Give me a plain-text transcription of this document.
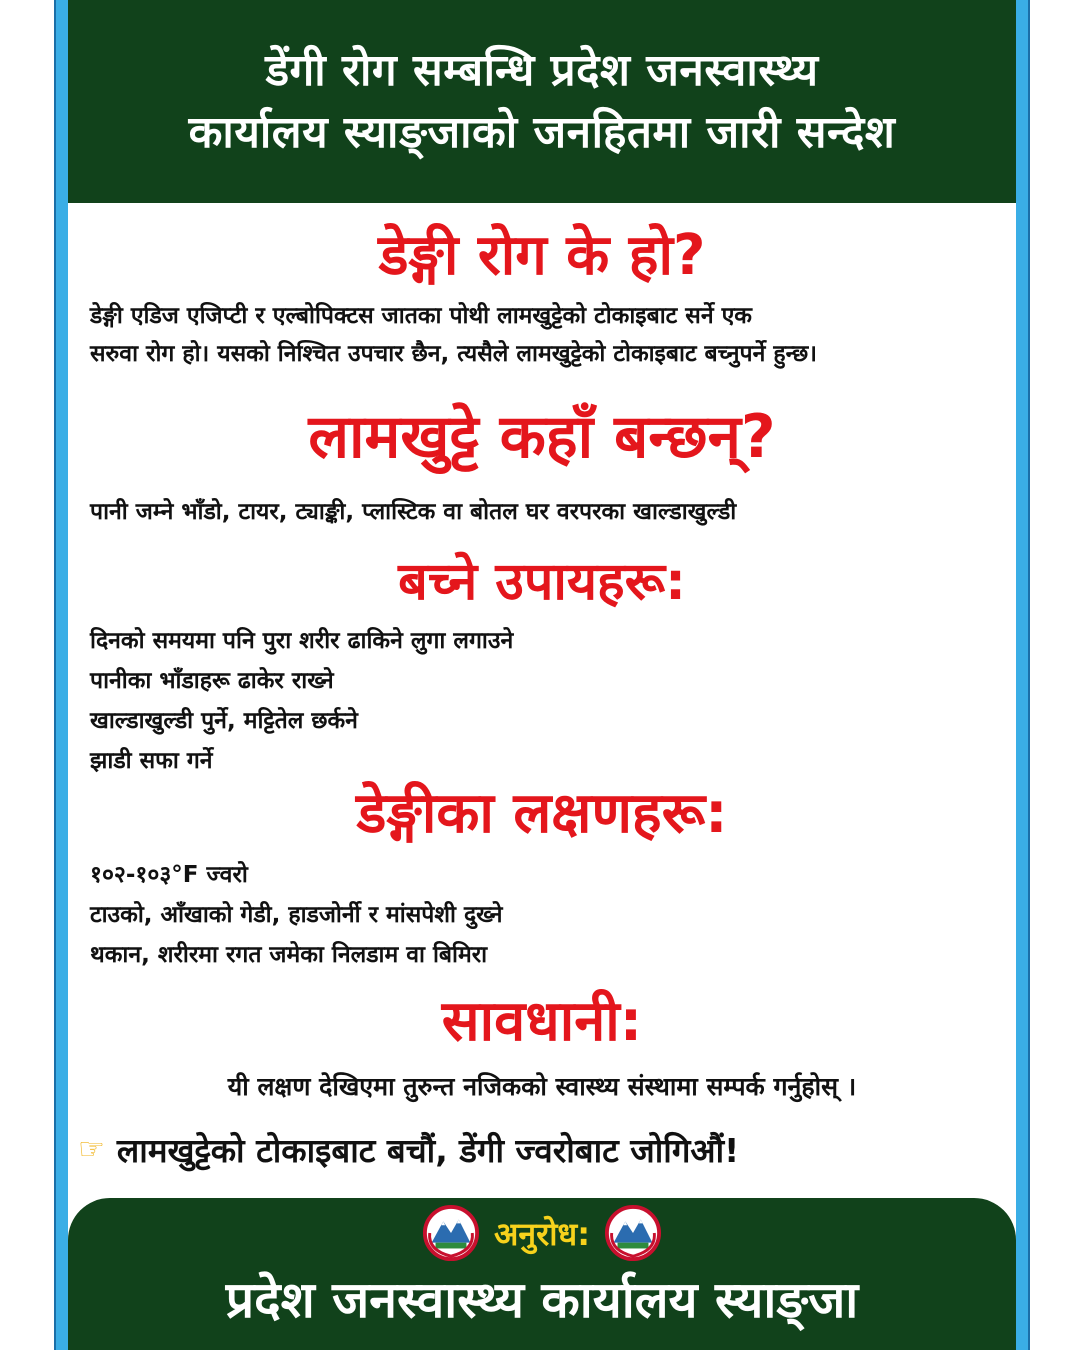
डेंगी रोग सम्बन्धि प्रदेश जनस्वास्थ्य
कार्यालय स्याङ्जाको जनहितमा जारी सन्देश
डेङ्गी रोग के हो?
डेङ्गी एडिज एजिप्टी र एल्बोपिक्टस जातका पोथी लामखुट्टेको टोकाइबाट सर्ने एक
सरुवा रोग हो। यसको निश्चित उपचार छैन, त्यसैले लामखुट्टेको टोकाइबाट बच्नुपर्ने हुन्छ।
लामखुट्टे कहाँ बन्छन्?
पानी जम्ने भाँडो, टायर, ट्याङ्की, प्लास्टिक वा बोतल घर वरपरका खाल्डाखुल्डी
बच्ने उपायहरू:
दिनको समयमा पनि पुरा शरीर ढाकिने लुगा लगाउने
पानीका भाँडाहरू ढाकेर राख्ने
खाल्डाखुल्डी पुर्ने, मट्टितेल छर्कने
झाडी सफा गर्ने
डेङ्गीका लक्षणहरू:
१०२-१०३°F ज्वरो
टाउको, आँखाको गेडी, हाडजोर्नी र मांसपेशी दुख्ने
थकान, शरीरमा रगत जमेका निलडाम वा बिमिरा
सावधानी:
यी लक्षण देखिएमा तुरुन्त नजिकको स्वास्थ्य संस्थामा सम्पर्क गर्नुहोस् ।
☞ लामखुट्टेको टोकाइबाट बचौं, डेंगी ज्वरोबाट जोगिऔं!
अनुरोध:
प्रदेश जनस्वास्थ्य कार्यालय स्याङ्जा
